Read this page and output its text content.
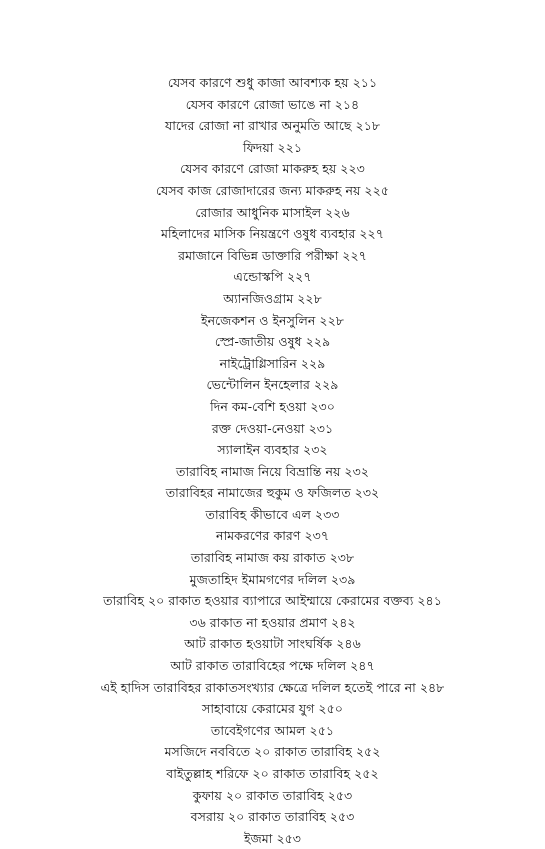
যেসব কারণে শুধু কাজা আবশ্যক হয় ২১১
যেসব কারণে রোজা ভাঙে না ২১৪
যাদের রোজা না রাখার অনুমতি আছে ২১৮
ফিদয়া ২২১
যেসব কারণে রোজা মাকরুহ হয় ২২৩
যেসব কাজ রোজাদারের জন্য মাকরুহ নয় ২২৫
রোজার আধুনিক মাসাইল ২২৬
মহিলাদের মাসিক নিয়ন্ত্রণে ওষুধ ব্যবহার ২২৭
রমাজানে বিভিন্ন ডাক্তারি পরীক্ষা ২২৭
এন্ডোস্কপি ২২৭
অ্যানজিওগ্রাম ২২৮
ইনজেকশন ও ইনসুলিন ২২৮
স্প্রে-জাতীয় ওষুধ ২২৯
নাইট্রোগ্লিসারিন ২২৯
ভেন্টোলিন ইনহেলার ২২৯
দিন কম-বেশি হওয়া ২৩০
রক্ত দেওয়া-নেওয়া ২৩১
স্যালাইন ব্যবহার ২৩২
তারাবিহ নামাজ নিয়ে বিভ্রান্তি নয় ২৩২
তারাবিহর নামাজের হুকুম ও ফজিলত ২৩২
তারাবিহ কীভাবে এল ২৩৩
নামকরণের কারণ ২৩৭
তারাবিহ নামাজ কয় রাকাত ২৩৮
মুজতাহিদ ইমামগণের দলিল ২৩৯
তারাবিহ ২০ রাকাত হওয়ার ব্যাপারে আইম্মায়ে কেরামের বক্তব্য ২৪১
৩৬ রাকাত না হওয়ার প্রমাণ ২৪২
আট রাকাত হওয়াটা সাংঘর্ষিক ২৪৬
আট রাকাত তারাবিহের পক্ষে দলিল ২৪৭
এই হাদিস তারাবিহর রাকাতসংখ্যার ক্ষেত্রে দলিল হতেই পারে না ২৪৮
সাহাবায়ে কেরামের যুগ ২৫০
তাবেইগণের আমল ২৫১
মসজিদে নববিতে ২০ রাকাত তারাবিহ ২৫২
বাইতুল্লাহ শরিফে ২০ রাকাত তারাবিহ ২৫২
কুফায় ২০ রাকাত তারাবিহ ২৫৩
বসরায় ২০ রাকাত তারাবিহ ২৫৩
ইজমা ২৫৩
